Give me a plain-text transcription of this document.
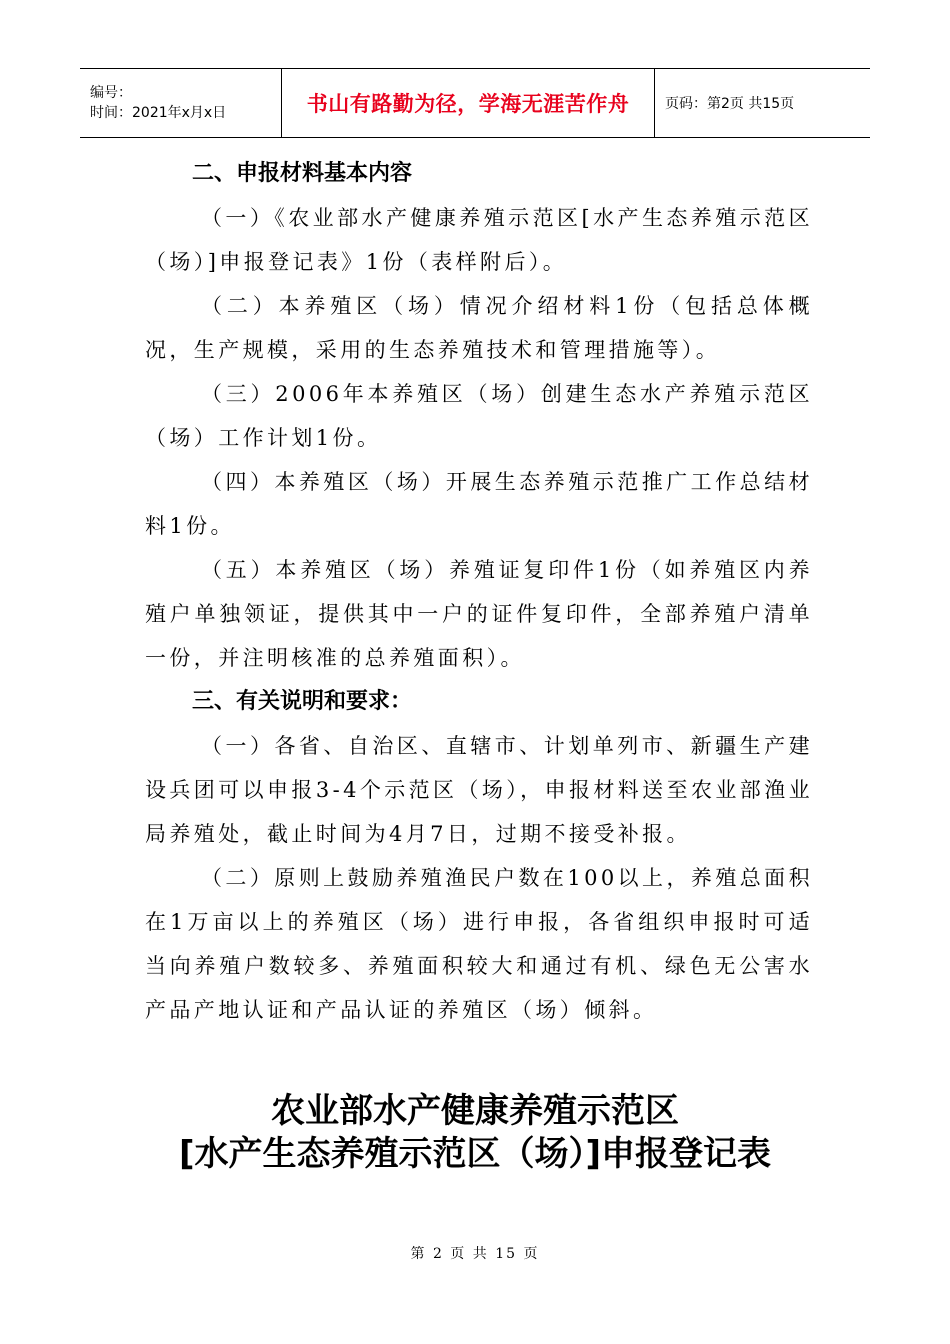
编号：
时间：2021年x月x日	书山有路勤为径，学海无涯苦作舟	页码：第2页 共15页

二、申报材料基本内容

（一）《农业部水产健康养殖示范区[水产生态养殖示范区（场）]申报登记表》1份（表样附后）。

（二）本养殖区（场）情况介绍材料1份（包括总体概况，生产规模，采用的生态养殖技术和管理措施等）。

（三）2006年本养殖区（场）创建生态水产养殖示范区（场）工作计划1份。

（四）本养殖区（场）开展生态养殖示范推广工作总结材料1份。

（五）本养殖区（场）养殖证复印件1份（如养殖区内养殖户单独领证，提供其中一户的证件复印件，全部养殖户清单一份，并注明核准的总养殖面积）。

三、有关说明和要求：

（一）各省、自治区、直辖市、计划单列市、新疆生产建设兵团可以申报3-4个示范区（场），申报材料送至农业部渔业局养殖处，截止时间为4月7日，过期不接受补报。

（二）原则上鼓励养殖渔民户数在100以上，养殖总面积在1万亩以上的养殖区（场）进行申报，各省组织申报时可适当向养殖户数较多、养殖面积较大和通过有机、绿色无公害水产品产地认证和产品认证的养殖区（场）倾斜。

农业部水产健康养殖示范区
[水产生态养殖示范区（场）]申报登记表
第 2 页 共 15 页
